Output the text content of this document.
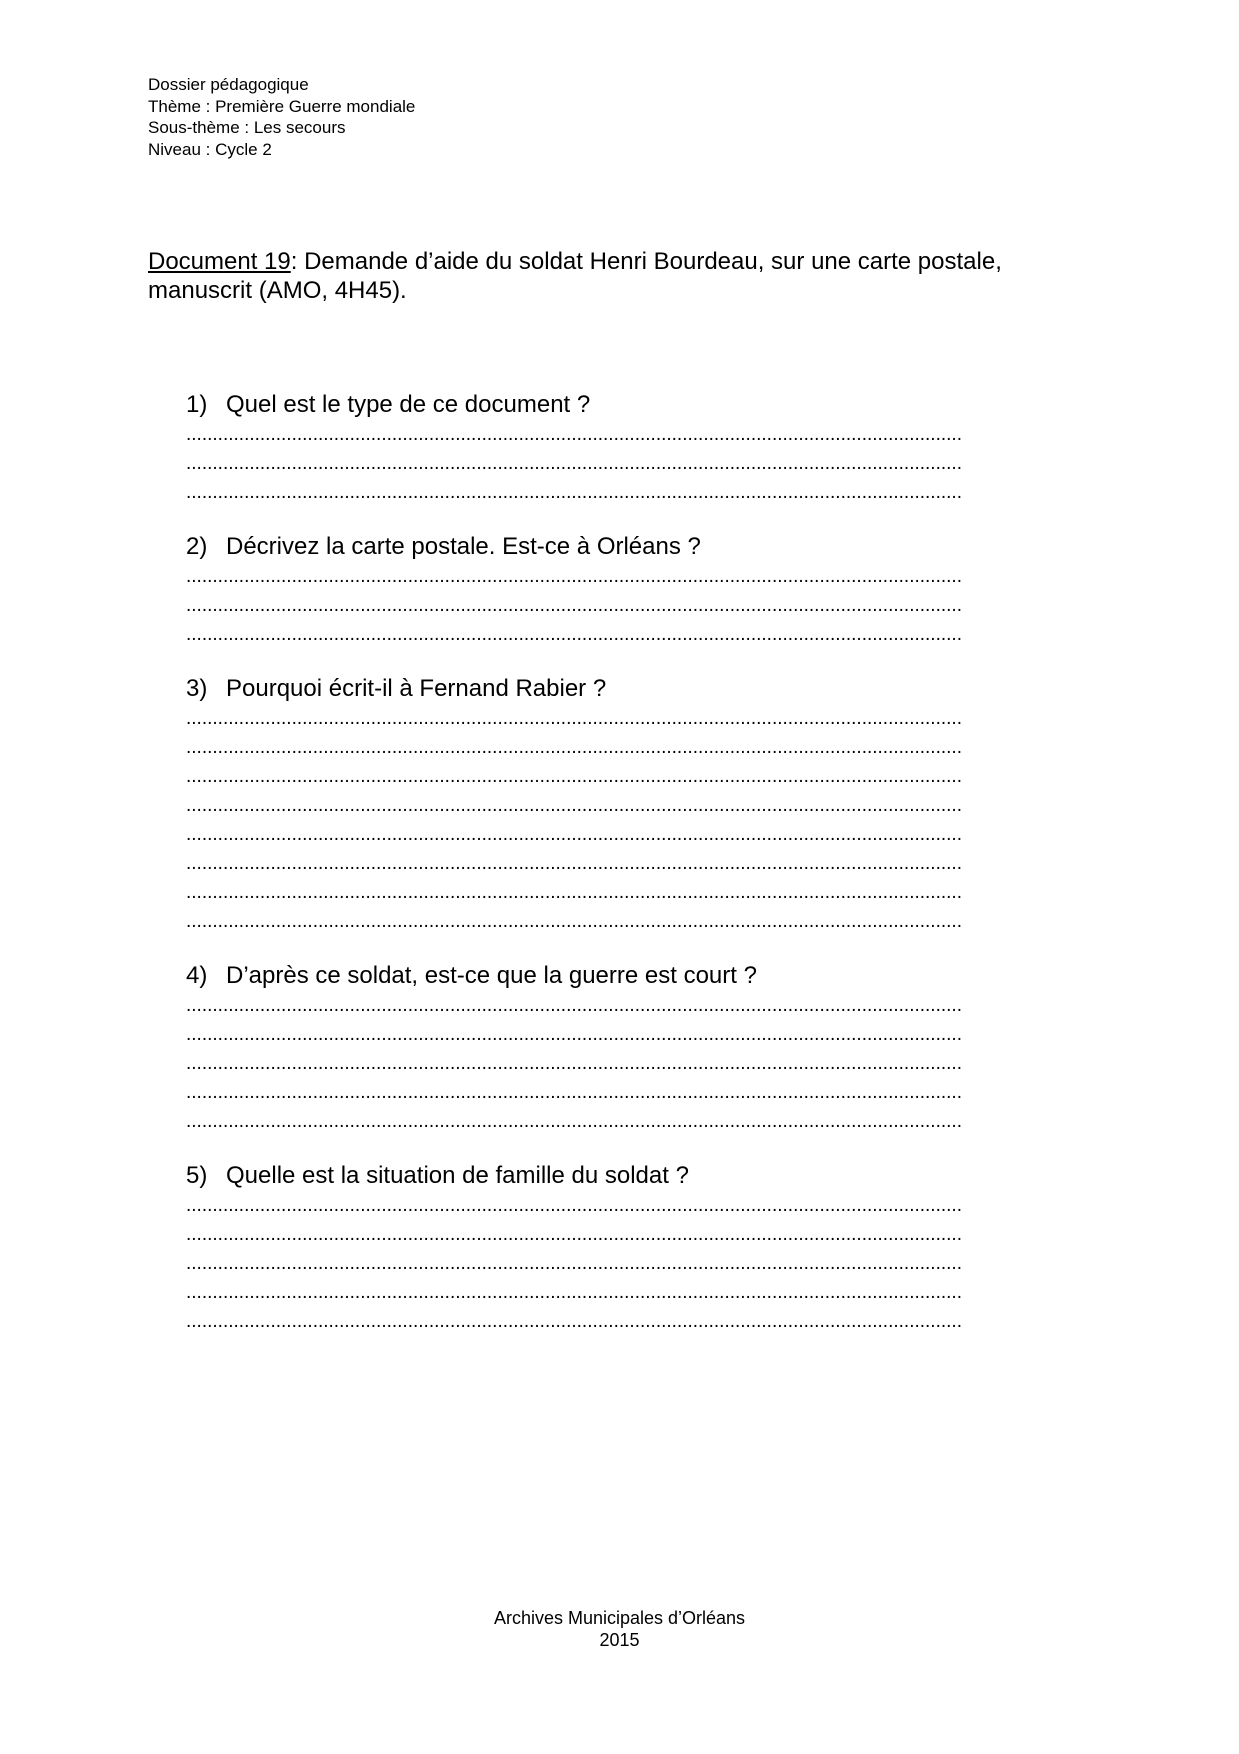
Dossier pédagogique
Thème : Première Guerre mondiale
Sous-thème : Les secours
Niveau : Cycle 2
Document 19: Demande d’aide du soldat Henri Bourdeau, sur une carte postale, manuscrit (AMO, 4H45).
1) Quel est le type de ce document ?
...................................................................................................................................................
...................................................................................................................................................
...................................................................................................................................................
2) Décrivez la carte postale. Est-ce à Orléans ?
...................................................................................................................................................
...................................................................................................................................................
...................................................................................................................................................
3) Pourquoi écrit-il à Fernand Rabier ?
...................................................................................................................................................
...................................................................................................................................................
...................................................................................................................................................
...................................................................................................................................................
...................................................................................................................................................
...................................................................................................................................................
...................................................................................................................................................
...................................................................................................................................................
4) D’après ce soldat, est-ce que la guerre est court ?
...................................................................................................................................................
...................................................................................................................................................
...................................................................................................................................................
...................................................................................................................................................
...................................................................................................................................................
5) Quelle est la situation de famille du soldat ?
...................................................................................................................................................
...................................................................................................................................................
...................................................................................................................................................
...................................................................................................................................................
...................................................................................................................................................
Archives Municipales d’Orléans
2015
